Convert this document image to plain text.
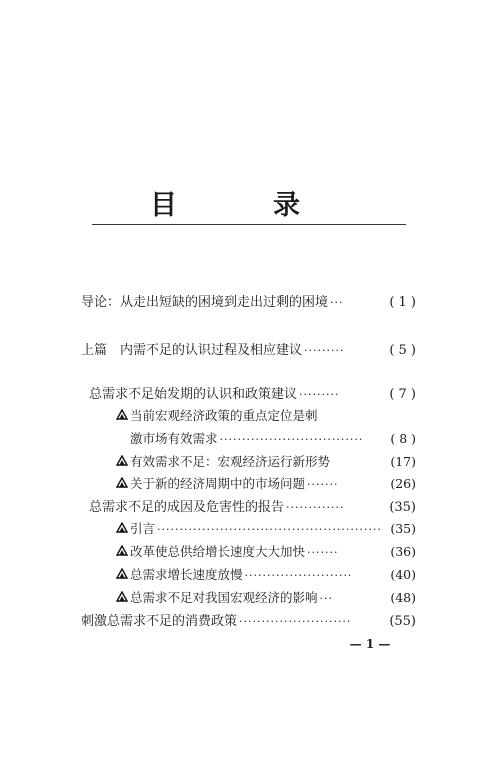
目	录
导论：从走出短缺的困境到走出过剩的困境 ···	( 1 )
上篇　内需不足的认识过程及相应建议 ·········	( 5 )
总需求不足始发期的认识和政策建议 ·········	( 7 )
当前宏观经济政策的重点定位是刺
激市场有效需求 ································	( 8 )
有效需求不足：宏观经济运行新形势	(17)
关于新的经济周期中的市场问题 ·······	(26)
总需求不足的成因及危害性的报告 ·············	(35)
引言 ·················································· (35)
改革使总供给增长速度大大加快 ·······	(36)
总需求增长速度放慢 ························	(40)
总需求不足对我国宏观经济的影响 ···	(48)
刺激总需求不足的消费政策 ·························	(55)
— 1 —
